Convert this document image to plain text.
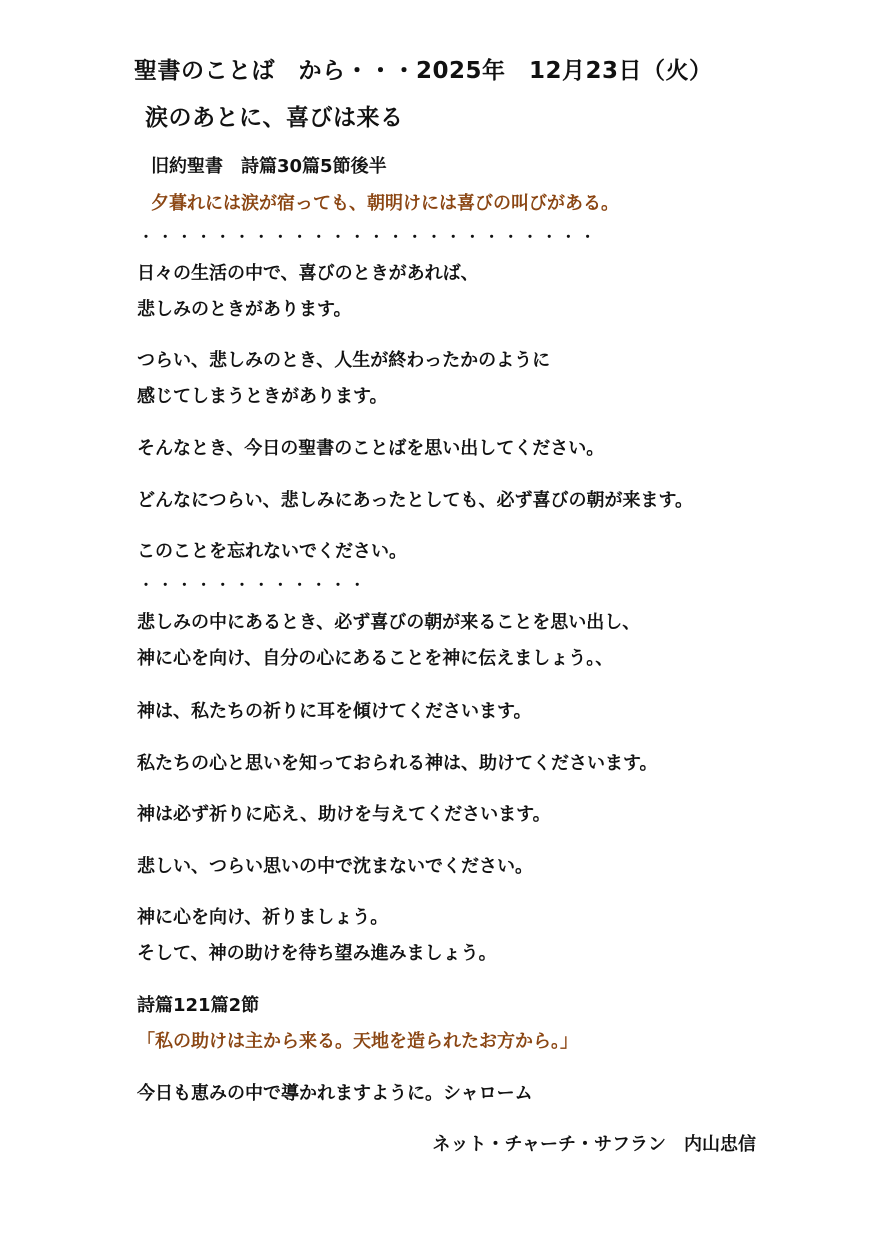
聖書のことば　から・・・2025年　12月23日（火）
涙のあとに、喜びは来る
旧約聖書　詩篇30篇5節後半
夕暮れには涙が宿っても、朝明けには喜びの叫びがある。
・・・・・・・・・・・・・・・・・・・・・・・・
日々の生活の中で、喜びのときがあれば、
悲しみのときがあります。
つらい、悲しみのとき、人生が終わったかのように
感じてしまうときがあります。
そんなとき、今日の聖書のことばを思い出してください。
どんなにつらい、悲しみにあったとしても、必ず喜びの朝が来ます。
このことを忘れないでください。
・・・・・・・・・・・・
悲しみの中にあるとき、必ず喜びの朝が来ることを思い出し、
神に心を向け、自分の心にあることを神に伝えましょう。、
神は、私たちの祈りに耳を傾けてくださいます。
私たちの心と思いを知っておられる神は、助けてくださいます。
神は必ず祈りに応え、助けを与えてくださいます。
悲しい、つらい思いの中で沈まないでください。
神に心を向け、祈りましょう。
そして、神の助けを待ち望み進みましょう。
詩篇121篇2節
「私の助けは主から来る。天地を造られたお方から。」
今日も恵みの中で導かれますように。シャローム
ネット・チャーチ・サフラン　内山忠信
